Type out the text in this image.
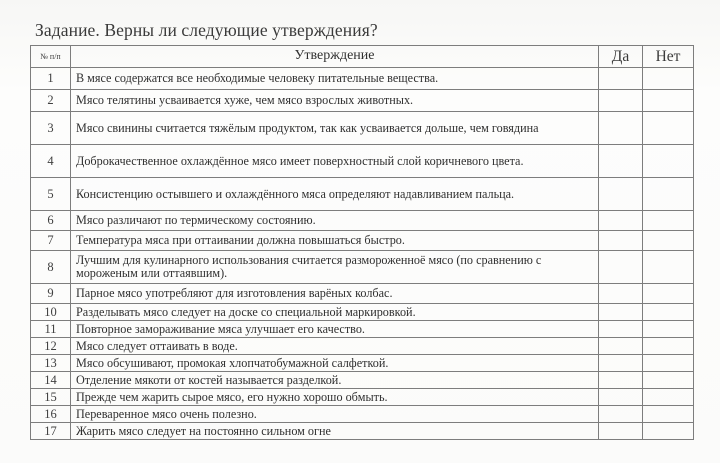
Задание. Верны ли следующие утверждения?
№ п/п	Утверждение	Да	Нет
1	В мясе содержатся все необходимые человеку питательные вещества.		
2	Мясо телятины усваивается хуже, чем мясо взрослых животных.		
3	Мясо свинины считается тяжёлым продуктом, так как усваивается дольше, чем говядина		
4	Доброкачественное охлаждённое мясо имеет поверхностный слой коричневого цвета.		
5	Консистенцию остывшего и охлаждённого мяса определяют надавливанием пальца.		
6	Мясо различают по термическому состоянию.		
7	Температура мяса при оттаивании должна повышаться быстро.		
8	Лучшим для кулинарного использования считается размороженноё мясо (по сравнению с мороженым или оттаявшим).		
9	Парное мясо употребляют для изготовления варёных колбас.		
10	Разделывать мясо следует на доске со специальной маркировкой.		
11	Повторное замораживание мяса улучшает его качество.		
12	Мясо следует оттаивать в воде.		
13	Мясо обсушивают, промокая хлопчатобумажной салфеткой.		
14	Отделение мякоти от костей называется разделкой.		
15	Прежде чем жарить сырое мясо, его нужно хорошо обмыть.		
16	Переваренное мясо очень полезно.		
17	Жарить мясо следует на постоянно сильном огне		
